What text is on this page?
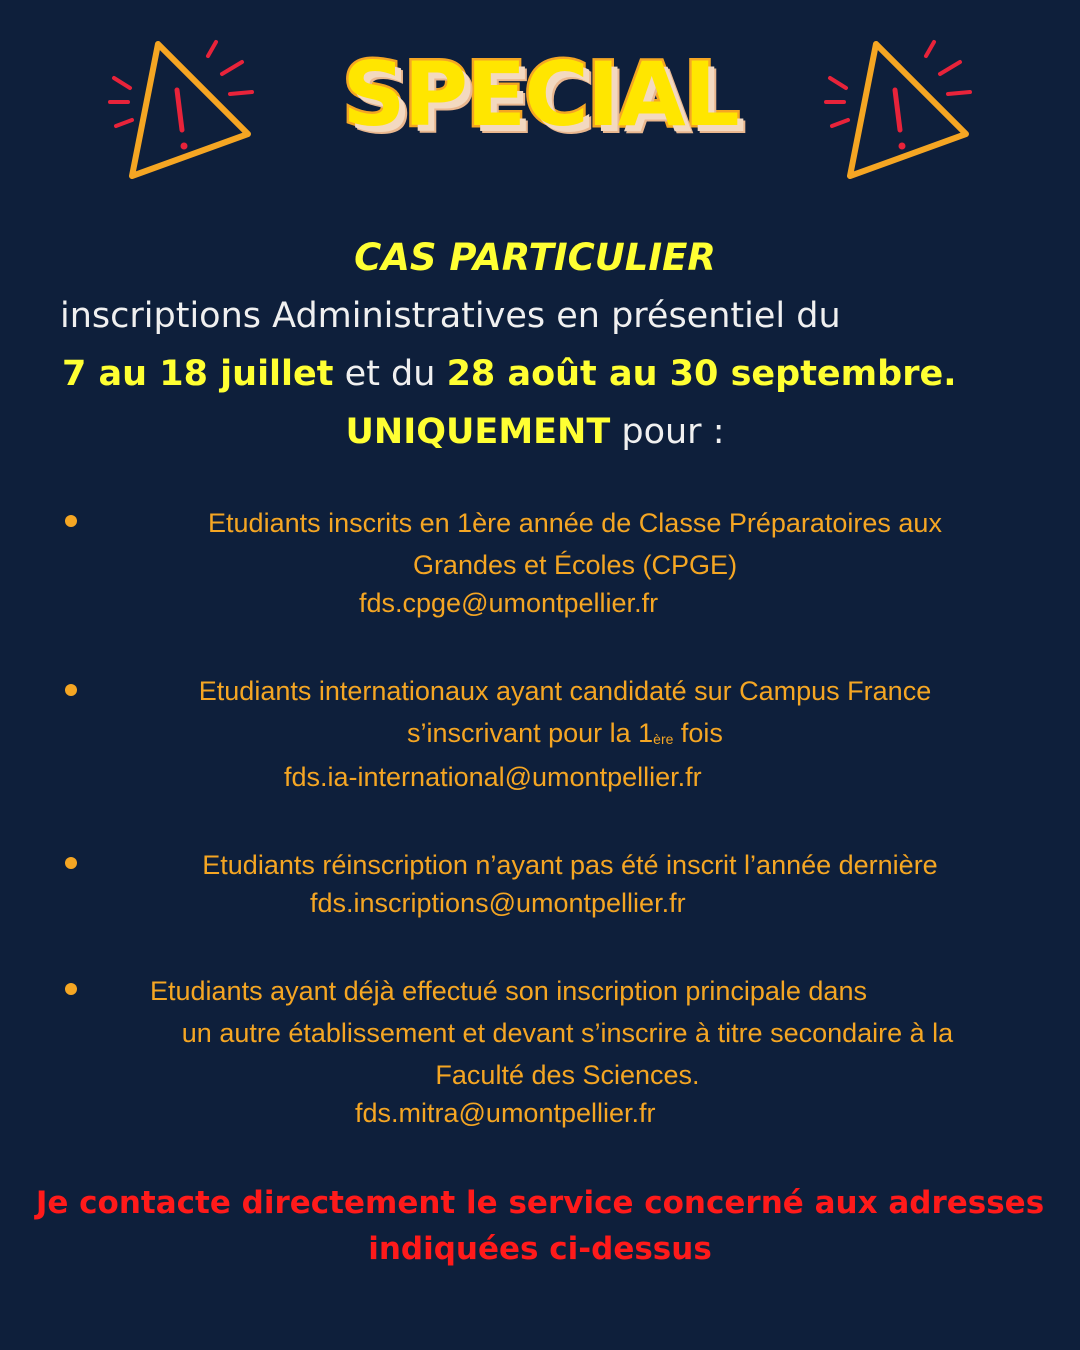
SPECIAL
CAS PARTICULIER
inscriptions Administratives en présentiel du
7 au 18 juillet et du 28 août au 30 septembre.
UNIQUEMENT pour :
Etudiants inscrits en 1ère année de Classe Préparatoires aux
Grandes et Écoles (CPGE)
fds.cpge@umontpellier.fr
Etudiants internationaux ayant candidaté sur Campus France
s’inscrivant pour la 1ère fois
fds.ia-international@umontpellier.fr
Etudiants réinscription n’ayant pas été inscrit l’année dernière
fds.inscriptions@umontpellier.fr
Etudiants ayant déjà effectué son inscription principale dans
un autre établissement et devant s’inscrire à titre secondaire à la
Faculté des Sciences.
fds.mitra@umontpellier.fr
Je contacte directement le service concerné aux adresses
indiquées ci-dessus
